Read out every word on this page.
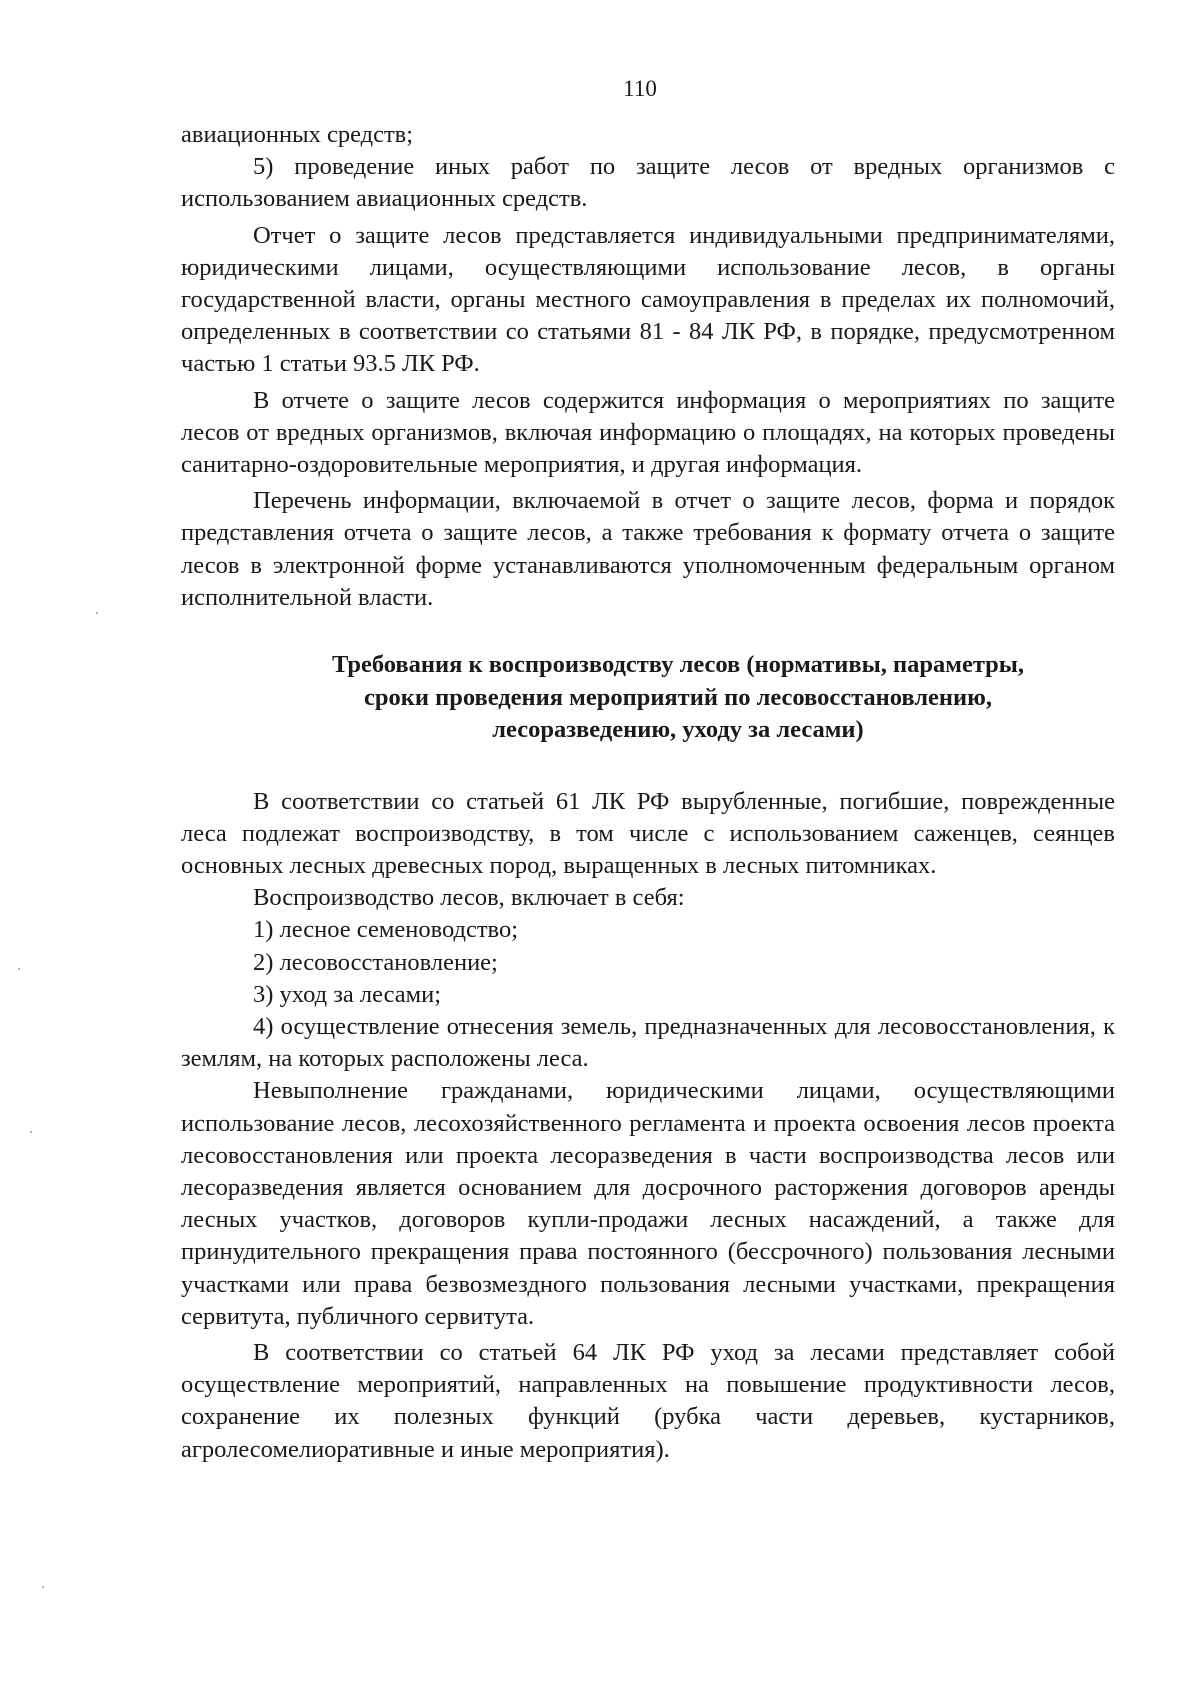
110

авиационных средств;

5) проведение иных работ по защите лесов от вредных организмов с использованием авиационных средств.

Отчет о защите лесов представляется индивидуальными предпринимателями, юридическими лицами, осуществляющими использование лесов, в органы государственной власти, органы местного самоуправления в пределах их полномочий, определенных в соответствии со статьями 81 - 84 ЛК РФ, в порядке, предусмотренном частью 1 статьи 93.5 ЛК РФ.

В отчете о защите лесов содержится информация о мероприятиях по защите лесов от вредных организмов, включая информацию о площадях, на которых проведены санитарно-оздоровительные мероприятия, и другая информация.

Перечень информации, включаемой в отчет о защите лесов, форма и порядок представления отчета о защите лесов, а также требования к формату отчета о защите лесов в электронной форме устанавливаются уполномоченным федеральным органом исполнительной власти.

Требования к воспроизводству лесов (нормативы, параметры,
сроки проведения мероприятий по лесовосстановлению,
лесоразведению, уходу за лесами)

В соответствии со статьей 61 ЛК РФ вырубленные, погибшие, поврежденные леса подлежат воспроизводству, в том числе с использованием саженцев, сеянцев основных лесных древесных пород, выращенных в лесных питомниках.

Воспроизводство лесов, включает в себя:

1) лесное семеноводство;

2) лесовосстановление;

3) уход за лесами;

4) осуществление отнесения земель, предназначенных для лесовосстановления, к землям, на которых расположены леса.

Невыполнение гражданами, юридическими лицами, осуществляющими использование лесов, лесохозяйственного регламента и проекта освоения лесов проекта лесовосстановления или проекта лесоразведения в части воспроизводства лесов или лесоразведения является основанием для досрочного расторжения договоров аренды лесных участков, договоров купли-продажи лесных насаждений, а также для принудительного прекращения права постоянного (бессрочного) пользования лесными участками или права безвозмездного пользования лесными участками, прекращения сервитута, публичного сервитута.

В соответствии со статьей 64 ЛК РФ уход за лесами представляет собой осуществление мероприятий, направленных на повышение продуктивности лесов, сохранение их полезных функций (рубка части деревьев, кустарников, агролесомелиоративные и иные мероприятия).
